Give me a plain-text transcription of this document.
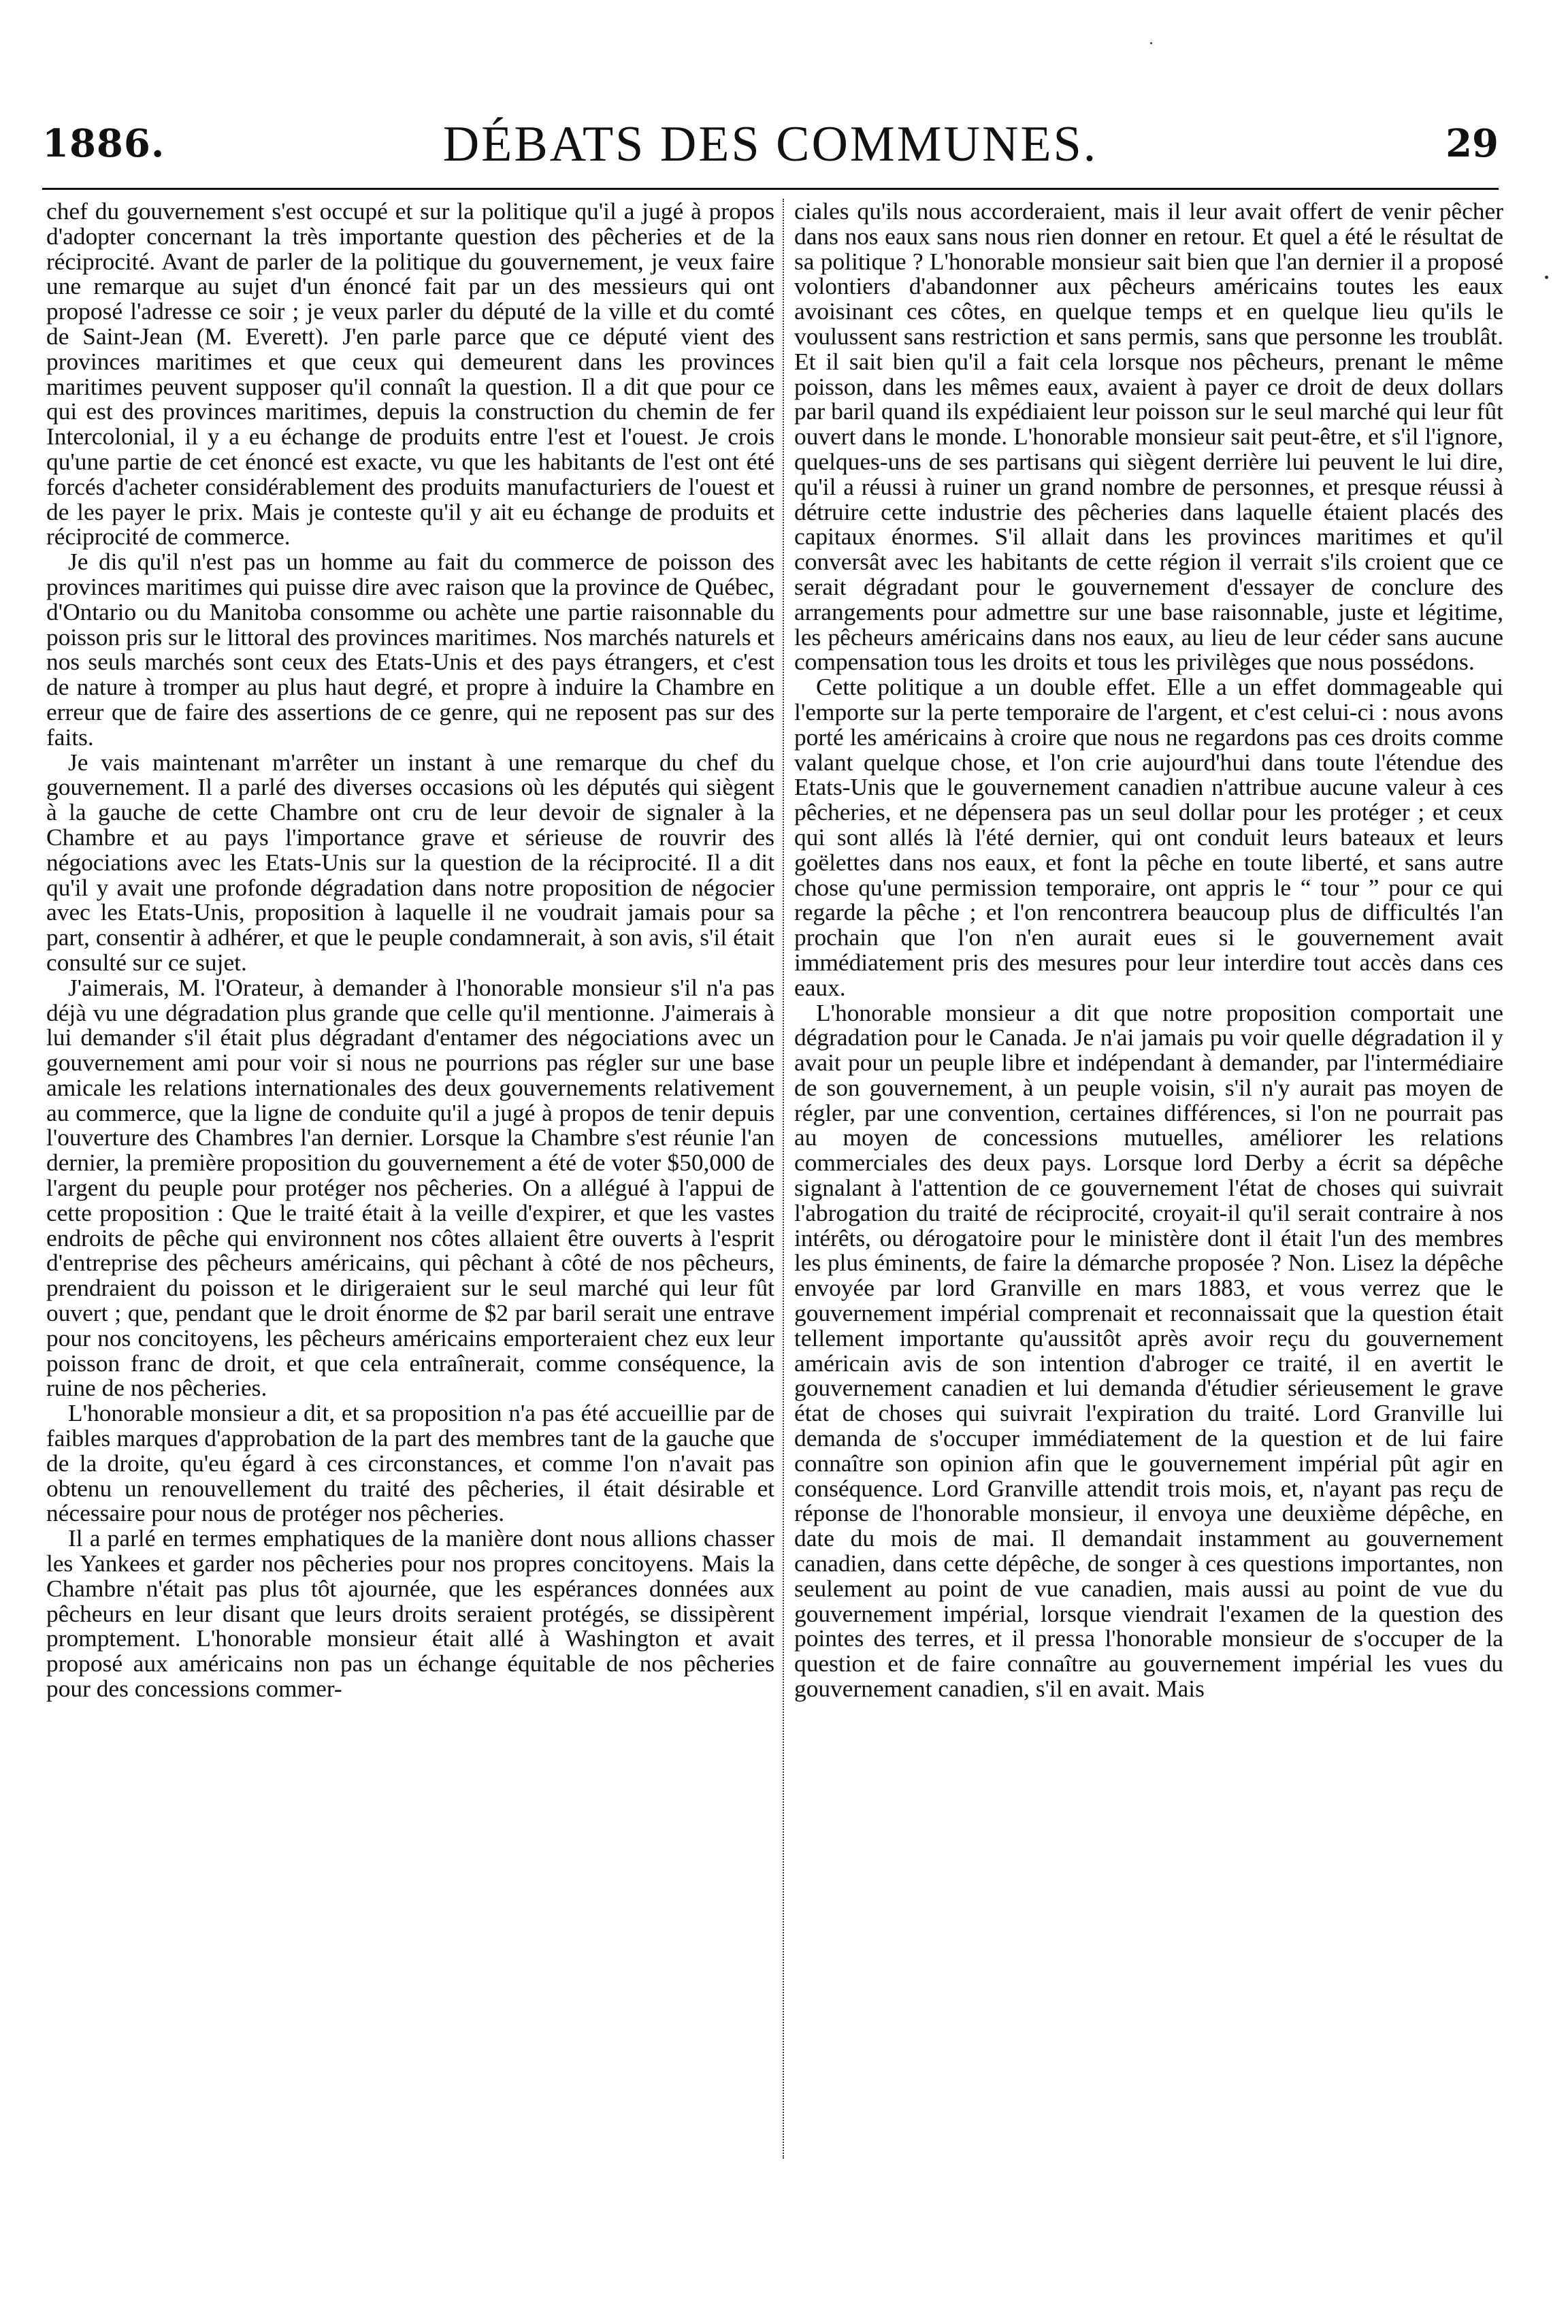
1886.	DÉBATS DES COMMUNES.	29

chef du gouvernement s'est occupé et sur la politique qu'il a jugé à propos d'adopter concernant la très importante question des pêcheries et de la réciprocité. Avant de parler de la politique du gouvernement, je veux faire une remarque au sujet d'un énoncé fait par un des messieurs qui ont proposé l'adresse ce soir ; je veux parler du député de la ville et du comté de Saint-Jean (M. Everett). J'en parle parce que ce député vient des provinces maritimes et que ceux qui demeurent dans les provinces maritimes peuvent supposer qu'il connaît la question. Il a dit que pour ce qui est des provinces maritimes, depuis la construction du chemin de fer Intercolonial, il y a eu échange de produits entre l'est et l'ouest. Je crois qu'une partie de cet énoncé est exacte, vu que les habitants de l'est ont été forcés d'acheter considérablement des produits manufacturiers de l'ouest et de les payer le prix. Mais je conteste qu'il y ait eu échange de produits et réciprocité de commerce.

Je dis qu'il n'est pas un homme au fait du commerce de poisson des provinces maritimes qui puisse dire avec raison que la province de Québec, d'Ontario ou du Manitoba consomme ou achète une partie raisonnable du poisson pris sur le littoral des provinces maritimes. Nos marchés naturels et nos seuls marchés sont ceux des Etats-Unis et des pays étrangers, et c'est de nature à tromper au plus haut degré, et propre à induire la Chambre en erreur que de faire des assertions de ce genre, qui ne reposent pas sur des faits.

Je vais maintenant m'arrêter un instant à une remarque du chef du gouvernement. Il a parlé des diverses occasions où les députés qui siègent à la gauche de cette Chambre ont cru de leur devoir de signaler à la Chambre et au pays l'importance grave et sérieuse de rouvrir des négociations avec les Etats-Unis sur la question de la réciprocité. Il a dit qu'il y avait une profonde dégradation dans notre proposition de négocier avec les Etats-Unis, proposition à laquelle il ne voudrait jamais pour sa part, consentir à adhérer, et que le peuple condamnerait, à son avis, s'il était consulté sur ce sujet.

J'aimerais, M. l'Orateur, à demander à l'honorable monsieur s'il n'a pas déjà vu une dégradation plus grande que celle qu'il mentionne. J'aimerais à lui demander s'il était plus dégradant d'entamer des négociations avec un gouvernement ami pour voir si nous ne pourrions pas régler sur une base amicale les relations internationales des deux gouvernements relativement au commerce, que la ligne de conduite qu'il a jugé à propos de tenir depuis l'ouverture des Chambres l'an dernier. Lorsque la Chambre s'est réunie l'an dernier, la première proposition du gouvernement a été de voter $50,000 de l'argent du peuple pour protéger nos pêcheries. On a allégué à l'appui de cette proposition : Que le traité était à la veille d'expirer, et que les vastes endroits de pêche qui environnent nos côtes allaient être ouverts à l'esprit d'entreprise des pêcheurs américains, qui pêchant à côté de nos pêcheurs, prendraient du poisson et le dirigeraient sur le seul marché qui leur fût ouvert ; que, pendant que le droit énorme de $2 par baril serait une entrave pour nos concitoyens, les pêcheurs américains emporteraient chez eux leur poisson franc de droit, et que cela entraînerait, comme conséquence, la ruine de nos pêcheries.

L'honorable monsieur a dit, et sa proposition n'a pas été accueillie par de faibles marques d'approbation de la part des membres tant de la gauche que de la droite, qu'eu égard à ces circonstances, et comme l'on n'avait pas obtenu un renouvellement du traité des pêcheries, il était désirable et nécessaire pour nous de protéger nos pêcheries.

Il a parlé en termes emphatiques de la manière dont nous allions chasser les Yankees et garder nos pêcheries pour nos propres concitoyens. Mais la Chambre n'était pas plus tôt ajournée, que les espérances données aux pêcheurs en leur disant que leurs droits seraient protégés, se dissipèrent promptement. L'honorable monsieur était allé à Washington et avait proposé aux américains non pas un échange équitable de nos pêcheries pour des concessions commer-

ciales qu'ils nous accorderaient, mais il leur avait offert de venir pêcher dans nos eaux sans nous rien donner en retour. Et quel a été le résultat de sa politique ? L'honorable monsieur sait bien que l'an dernier il a proposé volontiers d'abandonner aux pêcheurs américains toutes les eaux avoisinant ces côtes, en quelque temps et en quelque lieu qu'ils le voulussent sans restriction et sans permis, sans que personne les troublât. Et il sait bien qu'il a fait cela lorsque nos pêcheurs, prenant le même poisson, dans les mêmes eaux, avaient à payer ce droit de deux dollars par baril quand ils expédiaient leur poisson sur le seul marché qui leur fût ouvert dans le monde. L'honorable monsieur sait peut-être, et s'il l'ignore, quelques-uns de ses partisans qui siègent derrière lui peuvent le lui dire, qu'il a réussi à ruiner un grand nombre de personnes, et presque réussi à détruire cette industrie des pêcheries dans laquelle étaient placés des capitaux énormes. S'il allait dans les provinces maritimes et qu'il conversât avec les habitants de cette région il verrait s'ils croient que ce serait dégradant pour le gouvernement d'essayer de conclure des arrangements pour admettre sur une base raisonnable, juste et légitime, les pêcheurs américains dans nos eaux, au lieu de leur céder sans aucune compensation tous les droits et tous les privilèges que nous possédons.

Cette politique a un double effet. Elle a un effet dommageable qui l'emporte sur la perte temporaire de l'argent, et c'est celui-ci : nous avons porté les américains à croire que nous ne regardons pas ces droits comme valant quelque chose, et l'on crie aujourd'hui dans toute l'étendue des Etats-Unis que le gouvernement canadien n'attribue aucune valeur à ces pêcheries, et ne dépensera pas un seul dollar pour les protéger ; et ceux qui sont allés là l'été dernier, qui ont conduit leurs bateaux et leurs goëlettes dans nos eaux, et font la pêche en toute liberté, et sans autre chose qu'une permission temporaire, ont appris le “ tour ” pour ce qui regarde la pêche ; et l'on rencontrera beaucoup plus de difficultés l'an prochain que l'on n'en aurait eues si le gouvernement avait immédiatement pris des mesures pour leur interdire tout accès dans ces eaux.

L'honorable monsieur a dit que notre proposition comportait une dégradation pour le Canada. Je n'ai jamais pu voir quelle dégradation il y avait pour un peuple libre et indépendant à demander, par l'intermédiaire de son gouvernement, à un peuple voisin, s'il n'y aurait pas moyen de régler, par une convention, certaines différences, si l'on ne pourrait pas au moyen de concessions mutuelles, améliorer les relations commerciales des deux pays. Lorsque lord Derby a écrit sa dépêche signalant à l'attention de ce gouvernement l'état de choses qui suivrait l'abrogation du traité de réciprocité, croyait-il qu'il serait contraire à nos intérêts, ou dérogatoire pour le ministère dont il était l'un des membres les plus éminents, de faire la démarche proposée ? Non. Lisez la dépêche envoyée par lord Granville en mars 1883, et vous verrez que le gouvernement impérial comprenait et reconnaissait que la question était tellement importante qu'aussitôt après avoir reçu du gouvernement américain avis de son intention d'abroger ce traité, il en avertit le gouvernement canadien et lui demanda d'étudier sérieusement le grave état de choses qui suivrait l'expiration du traité. Lord Granville lui demanda de s'occuper immédiatement de la question et de lui faire connaître son opinion afin que le gouvernement impérial pût agir en conséquence. Lord Granville attendit trois mois, et, n'ayant pas reçu de réponse de l'honorable monsieur, il envoya une deuxième dépêche, en date du mois de mai. Il demandait instamment au gouvernement canadien, dans cette dépêche, de songer à ces questions importantes, non seulement au point de vue canadien, mais aussi au point de vue du gouvernement impérial, lorsque viendrait l'examen de la question des pointes des terres, et il pressa l'honorable monsieur de s'occuper de la question et de faire connaître au gouvernement impérial les vues du gouvernement canadien, s'il en avait. Mais
